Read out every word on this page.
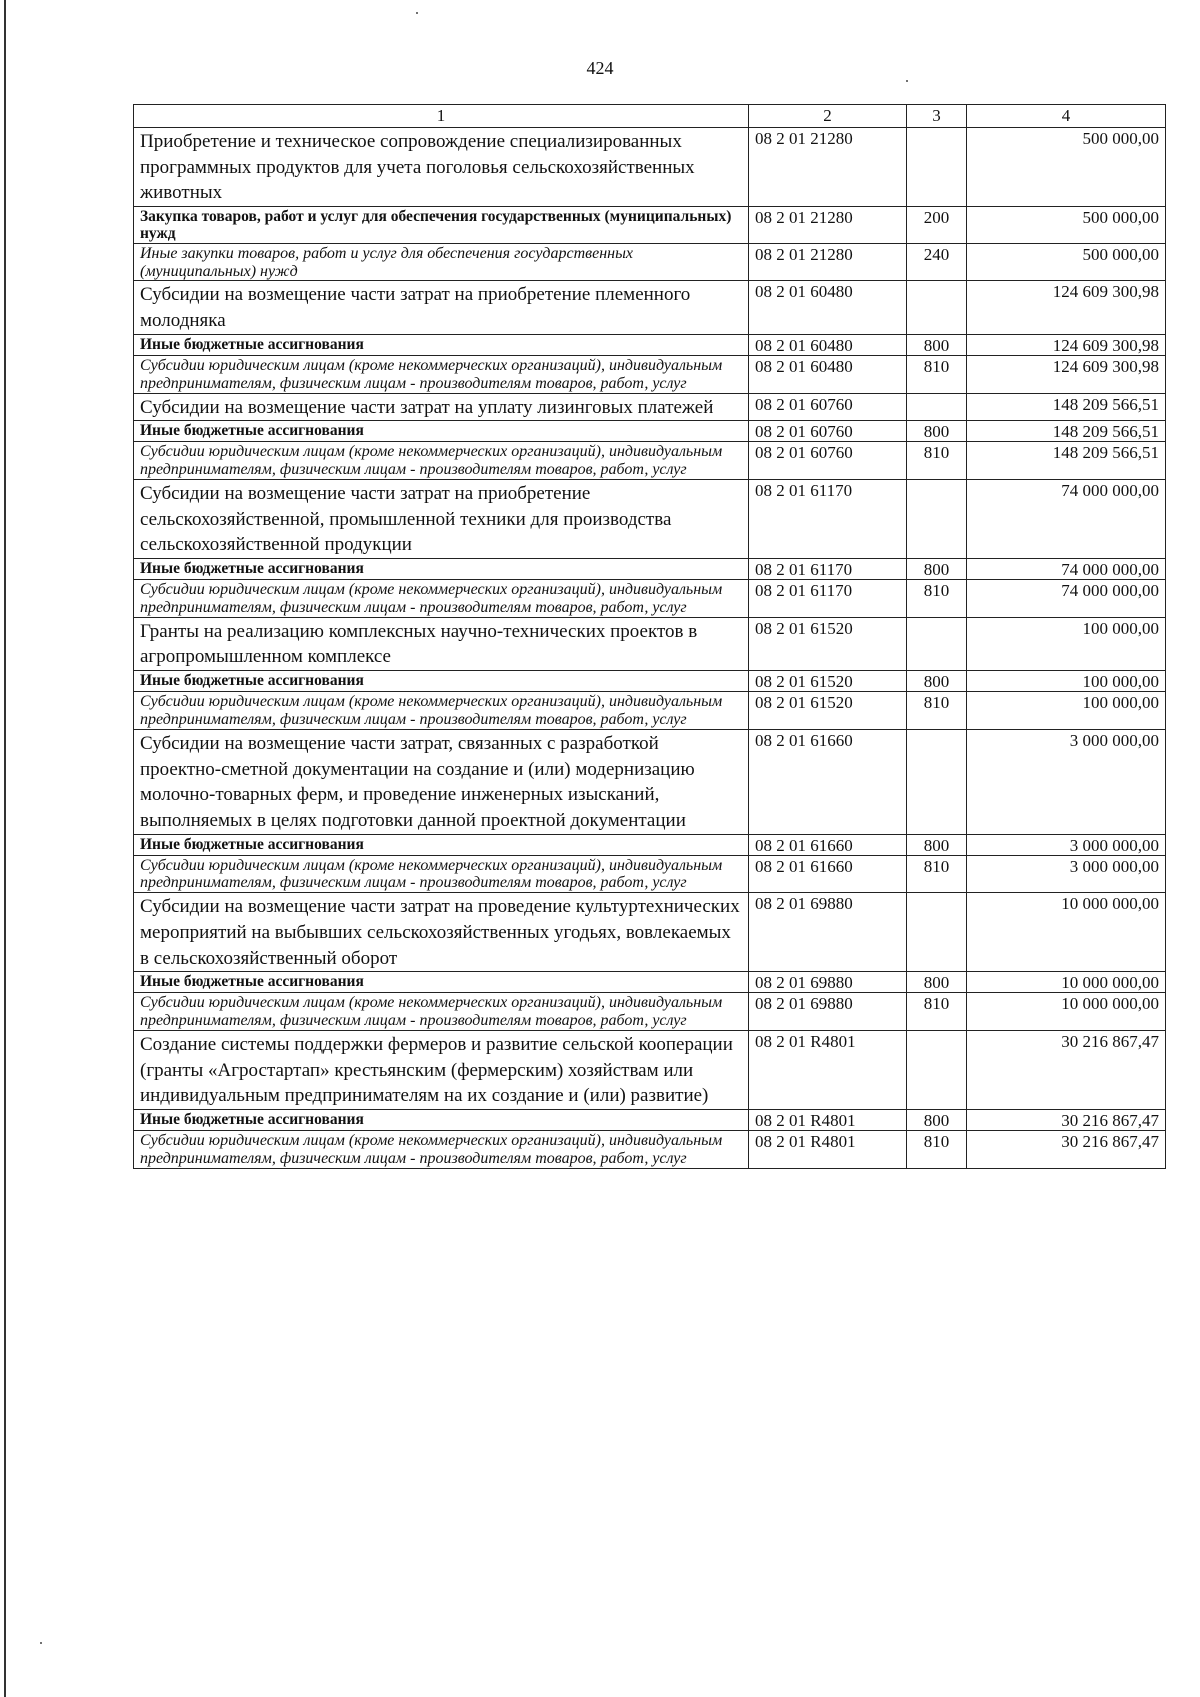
424
1	2	3	4
Приобретение и техническое сопровождение специализированных программных продуктов для учета поголовья сельскохозяйственных животных	08 2 01 21280		500 000,00
Закупка товаров, работ и услуг для обеспечения государственных (муниципальных) нужд	08 2 01 21280	200	500 000,00
Иные закупки товаров, работ и услуг для обеспечения государственных (муниципальных) нужд	08 2 01 21280	240	500 000,00
Субсидии на возмещение части затрат на приобретение племенного молодняка	08 2 01 60480		124 609 300,98
Иные бюджетные ассигнования	08 2 01 60480	800	124 609 300,98
Субсидии юридическим лицам (кроме некоммерческих организаций), индивидуальным предпринимателям, физическим лицам - производителям товаров, работ, услуг	08 2 01 60480	810	124 609 300,98
Субсидии на возмещение части затрат на уплату лизинговых платежей	08 2 01 60760		148 209 566,51
Иные бюджетные ассигнования	08 2 01 60760	800	148 209 566,51
Субсидии юридическим лицам (кроме некоммерческих организаций), индивидуальным предпринимателям, физическим лицам - производителям товаров, работ, услуг	08 2 01 60760	810	148 209 566,51
Субсидии на возмещение части затрат на приобретение сельскохозяйственной, промышленной техники для производства сельскохозяйственной продукции	08 2 01 61170		74 000 000,00
Иные бюджетные ассигнования	08 2 01 61170	800	74 000 000,00
Субсидии юридическим лицам (кроме некоммерческих организаций), индивидуальным предпринимателям, физическим лицам - производителям товаров, работ, услуг	08 2 01 61170	810	74 000 000,00
Гранты на реализацию комплексных научно-технических проектов в агропромышленном комплексе	08 2 01 61520		100 000,00
Иные бюджетные ассигнования	08 2 01 61520	800	100 000,00
Субсидии юридическим лицам (кроме некоммерческих организаций), индивидуальным предпринимателям, физическим лицам - производителям товаров, работ, услуг	08 2 01 61520	810	100 000,00
Субсидии на возмещение части затрат, связанных с разработкой проектно-сметной документации на создание и (или) модернизацию молочно-товарных ферм, и проведение инженерных изысканий, выполняемых в целях подготовки данной проектной документации	08 2 01 61660		3 000 000,00
Иные бюджетные ассигнования	08 2 01 61660	800	3 000 000,00
Субсидии юридическим лицам (кроме некоммерческих организаций), индивидуальным предпринимателям, физическим лицам - производителям товаров, работ, услуг	08 2 01 61660	810	3 000 000,00
Субсидии на возмещение части затрат на проведение культуртехнических мероприятий на выбывших сельскохозяйственных угодьях, вовлекаемых в сельскохозяйственный оборот	08 2 01 69880		10 000 000,00
Иные бюджетные ассигнования	08 2 01 69880	800	10 000 000,00
Субсидии юридическим лицам (кроме некоммерческих организаций), индивидуальным предпринимателям, физическим лицам - производителям товаров, работ, услуг	08 2 01 69880	810	10 000 000,00
Создание системы поддержки фермеров и развитие сельской кооперации (гранты «Агростартап» крестьянским (фермерским) хозяйствам или индивидуальным предпринимателям на их создание и (или) развитие)	08 2 01 R4801		30 216 867,47
Иные бюджетные ассигнования	08 2 01 R4801	800	30 216 867,47
Субсидии юридическим лицам (кроме некоммерческих организаций), индивидуальным предпринимателям, физическим лицам - производителям товаров, работ, услуг	08 2 01 R4801	810	30 216 867,47
